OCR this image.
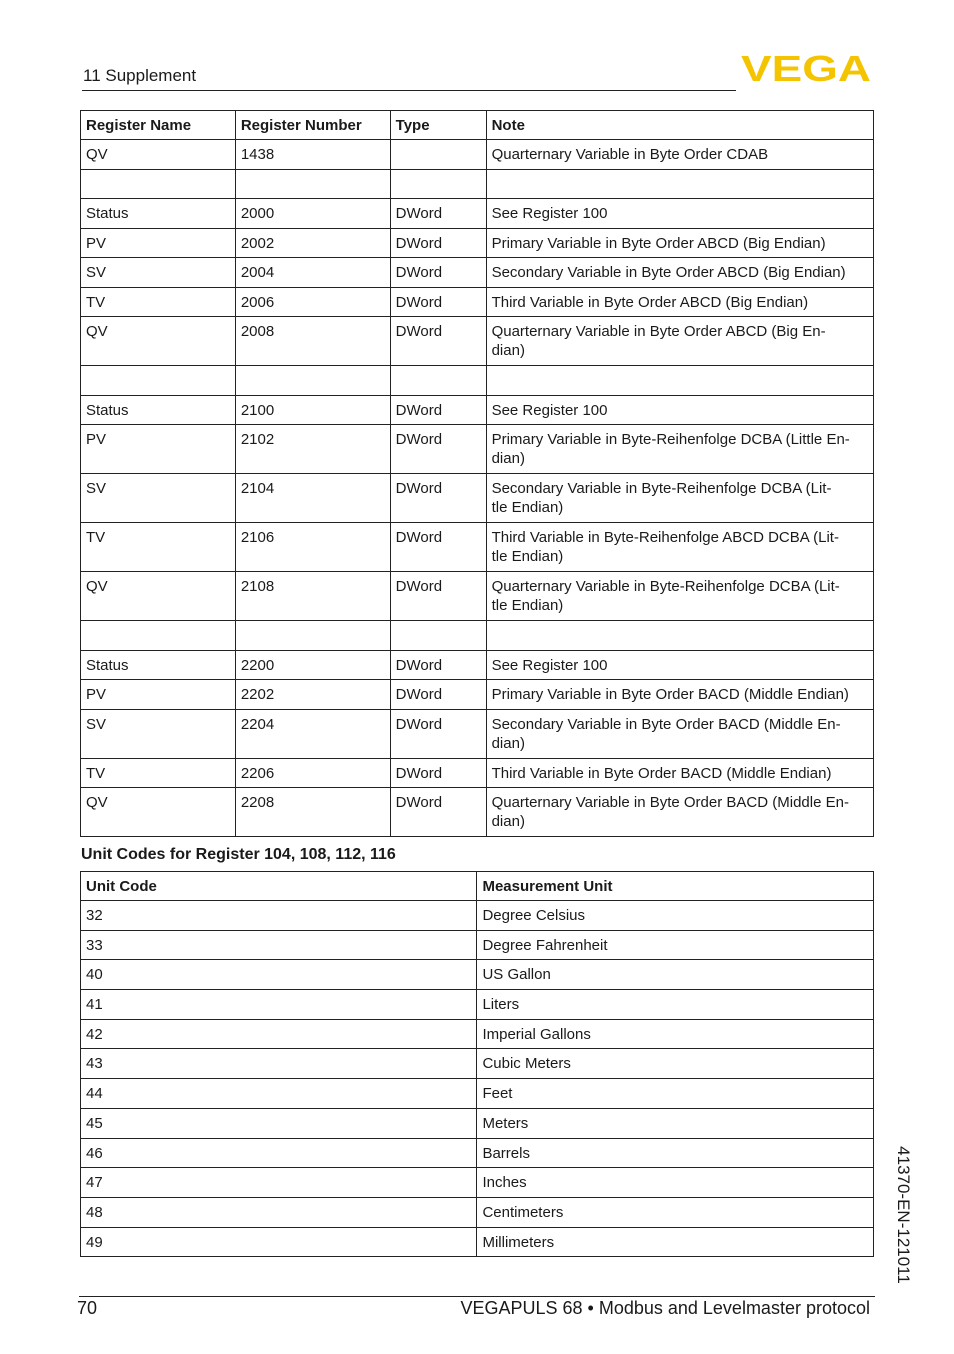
11 Supplement	VEGA
Register Name	Register Number	Type	Note
QV	1438		Quarternary Variable in Byte Order CDAB

Status	2000	DWord	See Register 100
PV	2002	DWord	Primary Variable in Byte Order ABCD (Big Endian)
SV	2004	DWord	Secondary Variable in Byte Order ABCD (Big Endian)
TV	2006	DWord	Third Variable in Byte Order ABCD (Big Endian)
QV	2008	DWord	Quarternary Variable in Byte Order ABCD (Big En-
dian)

Status	2100	DWord	See Register 100
PV	2102	DWord	Primary Variable in Byte-Reihenfolge DCBA (Little En-
dian)
SV	2104	DWord	Secondary Variable in Byte-Reihenfolge DCBA (Lit-
tle Endian)
TV	2106	DWord	Third Variable in Byte-Reihenfolge ABCD DCBA (Lit-
tle Endian)
QV	2108	DWord	Quarternary Variable in Byte-Reihenfolge DCBA (Lit-
tle Endian)

Status	2200	DWord	See Register 100
PV	2202	DWord	Primary Variable in Byte Order BACD (Middle Endian)
SV	2204	DWord	Secondary Variable in Byte Order BACD (Middle En-
dian)
TV	2206	DWord	Third Variable in Byte Order BACD (Middle Endian)
QV	2208	DWord	Quarternary Variable in Byte Order BACD (Middle En-
dian)
Unit Codes for Register 104, 108, 112, 116
Unit Code	Measurement Unit
32	Degree Celsius
33	Degree Fahrenheit
40	US Gallon
41	Liters
42	Imperial Gallons
43	Cubic Meters
44	Feet
45	Meters
46	Barrels
47	Inches
48	Centimeters
49	Millimeters	41370-EN-121011
70	VEGAPULS 68 • Modbus and Levelmaster protocol
